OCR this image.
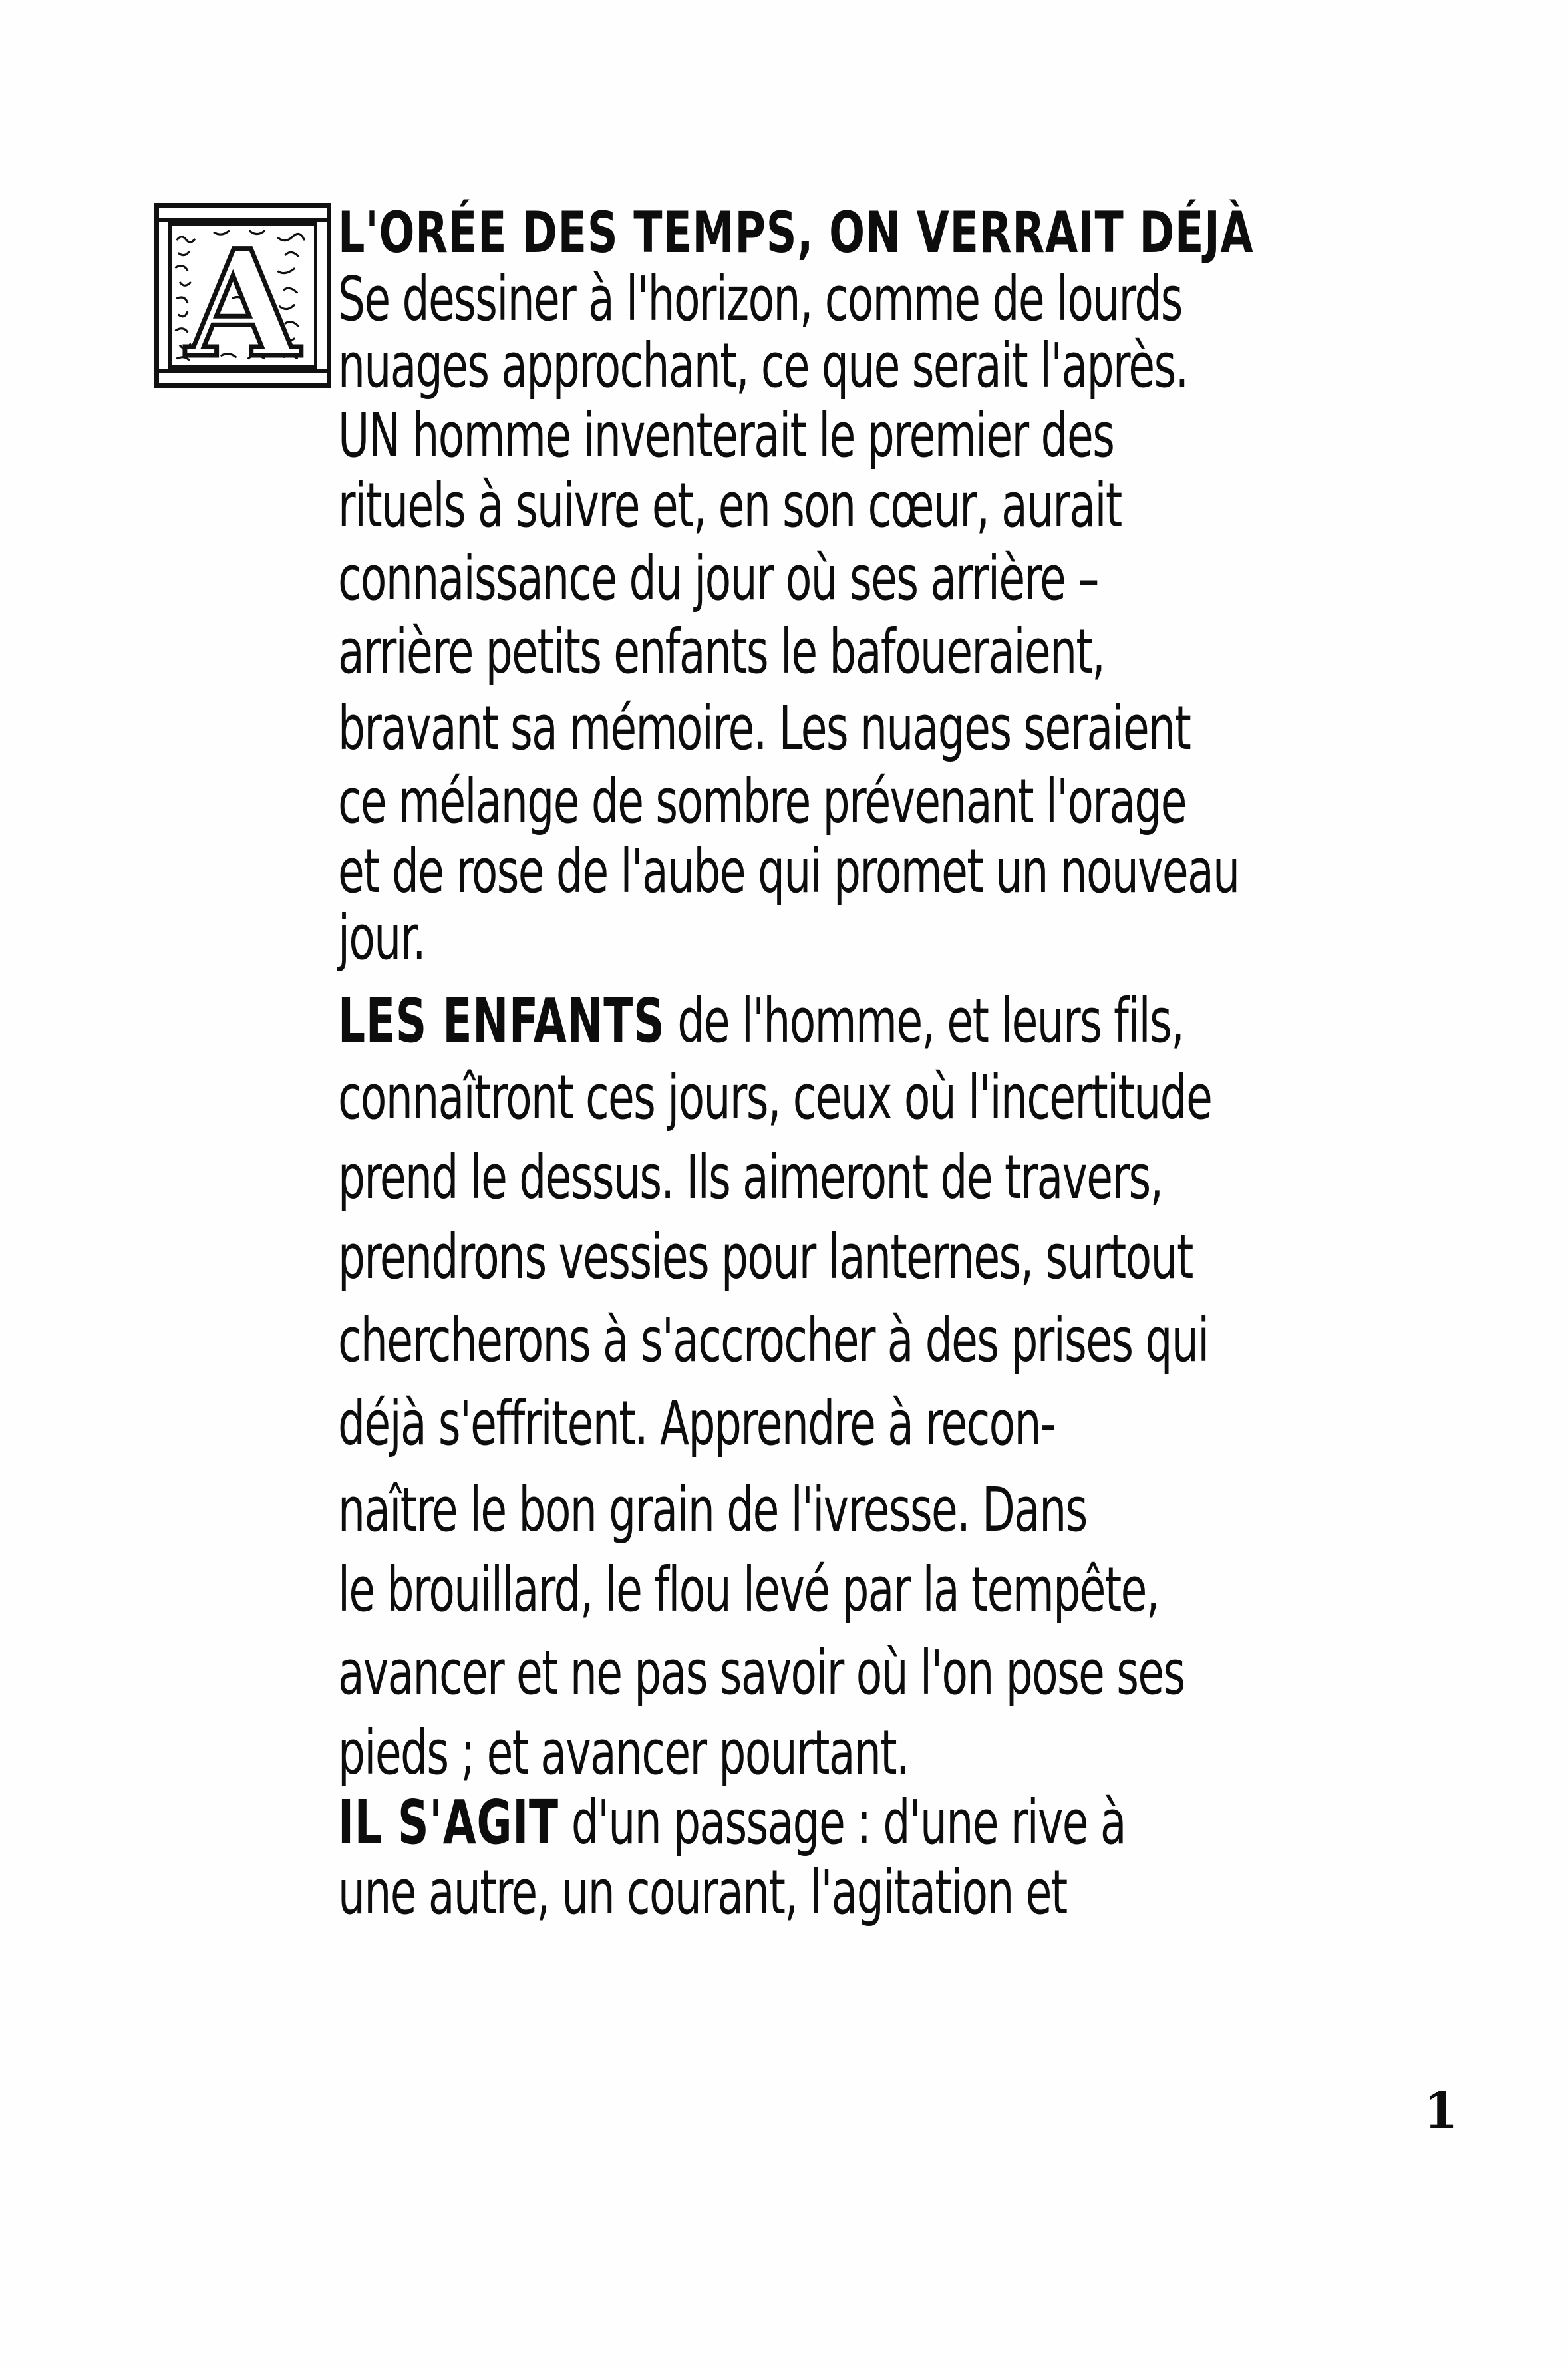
A L'ORÉE DES TEMPS, ON VERRAIT DÉJÀ
Se dessiner à l'horizon, comme de lourds
nuages approchant, ce que serait l'après.
UN homme inventerait le premier des
rituels à suivre et, en son cœur, aurait
connaissance du jour où ses arrière –
arrière petits enfants le bafoueraient,
bravant sa mémoire. Les nuages seraient
ce mélange de sombre prévenant l'orage
et de rose de l'aube qui promet un nouveau
jour.
LES ENFANTS de l'homme, et leurs fils,
connaîtront ces jours, ceux où l'incertitude
prend le dessus. Ils aimeront de travers,
prendrons vessies pour lanternes, surtout
chercherons à s'accrocher à des prises qui
déjà s'effritent. Apprendre à recon-
naître le bon grain de l'ivresse. Dans
le brouillard, le flou levé par la tempête,
avancer et ne pas savoir où l'on pose ses
pieds ; et avancer pourtant.
IL S'AGIT d'un passage : d'une rive à
une autre, un courant, l'agitation et
1
